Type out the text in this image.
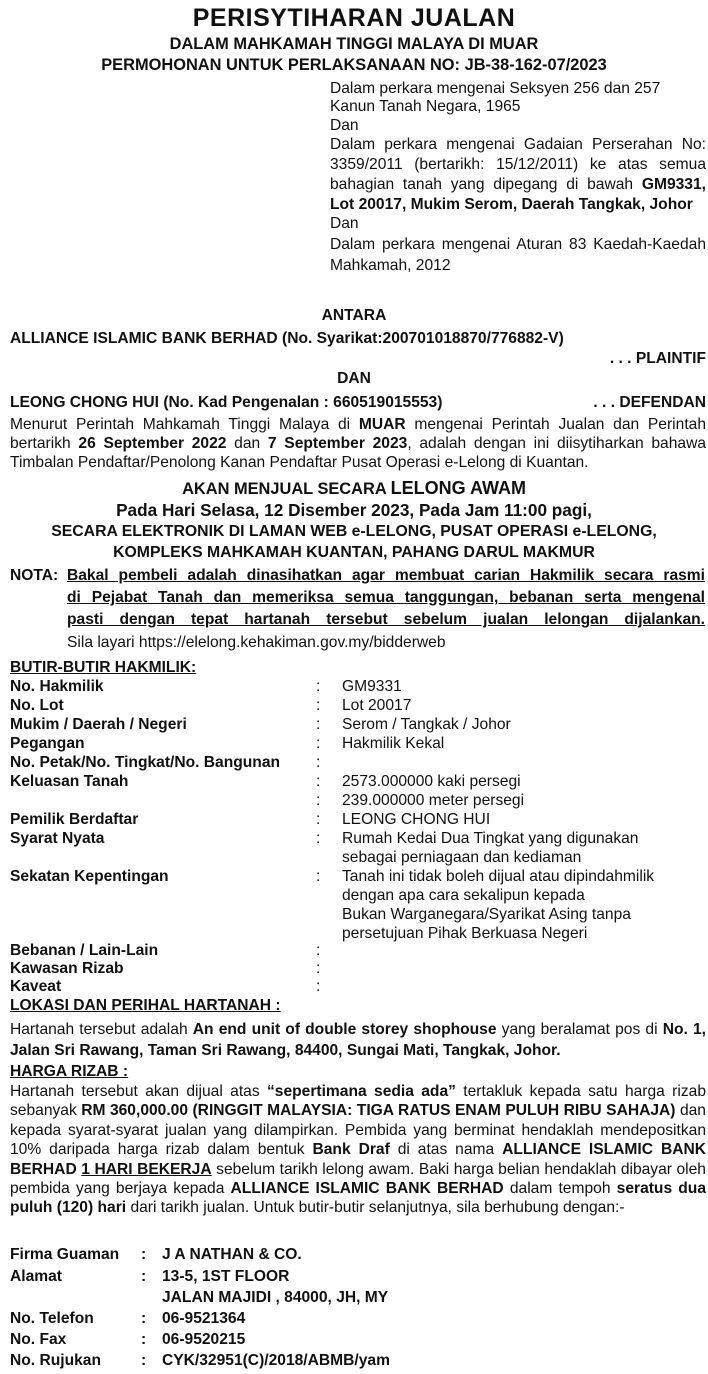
PERISYTIHARAN JUALAN
DALAM MAHKAMAH TINGGI MALAYA DI MUAR
PERMOHONAN UNTUK PERLAKSANAAN NO: JB-38-162-07/2023
Dalam perkara mengenai Seksyen 256 dan 257
Kanun Tanah Negara, 1965
Dan
Dalam perkara mengenai Gadaian Perserahan No: 3359/2011 (bertarikh: 15/12/2011) ke atas semua bahagian tanah yang dipegang di bawah GM9331, Lot 20017, Mukim Serom, Daerah Tangkak, Johor
Dan
Dalam perkara mengenai Aturan 83 Kaedah-Kaedah Mahkamah, 2012
ANTARA
ALLIANCE ISLAMIC BANK BERHAD (No. Syarikat:200701018870/776882-V)
. . . PLAINTIF
DAN
LEONG CHONG HUI (No. Kad Pengenalan : 660519015553)	. . . DEFENDAN
Menurut Perintah Mahkamah Tinggi Malaya di MUAR mengenai Perintah Jualan dan Perintah bertarikh 26 September 2022 dan 7 September 2023, adalah dengan ini diisytiharkan bahawa Timbalan Pendaftar/Penolong Kanan Pendaftar Pusat Operasi e-Lelong di Kuantan.
AKAN MENJUAL SECARA LELONG AWAM
Pada Hari Selasa, 12 Disember 2023, Pada Jam 11:00 pagi,
SECARA ELEKTRONIK DI LAMAN WEB e-LELONG, PUSAT OPERASI e-LELONG,
KOMPLEKS MAHKAMAH KUANTAN, PAHANG DARUL MAKMUR
NOTA: Bakal pembeli adalah dinasihatkan agar membuat carian Hakmilik secara rasmi
di Pejabat Tanah dan memeriksa semua tanggungan, bebanan serta mengenal
pasti dengan tepat hartanah tersebut sebelum jualan lelongan dijalankan.
Sila layari https://elelong.kehakiman.gov.my/bidderweb
BUTIR-BUTIR HAKMILIK:
No. Hakmilik	: GM9331
No. Lot	: Lot 20017
Mukim / Daerah / Negeri	: Serom / Tangkak / Johor
Pegangan	: Hakmilik Kekal
No. Petak/No. Tingkat/No. Bangunan :
Keluasan Tanah	: 2573.000000 kaki persegi
: 239.000000 meter persegi
Pemilik Berdaftar	: LEONG CHONG HUI
Syarat Nyata	: Rumah Kedai Dua Tingkat yang digunakan
sebagai perniagaan dan kediaman
Sekatan Kepentingan	: Tanah ini tidak boleh dijual atau dipindahmilik
dengan apa cara sekalipun kepada
Bukan Warganegara/Syarikat Asing tanpa
persetujuan Pihak Berkuasa Negeri
Bebanan / Lain-Lain	:
Kawasan Rizab	:
Kaveat	:
LOKASI DAN PERIHAL HARTANAH :
Hartanah tersebut adalah An end unit of double storey shophouse yang beralamat pos di No. 1, Jalan Sri Rawang, Taman Sri Rawang, 84400, Sungai Mati, Tangkak, Johor.
HARGA RIZAB :
Hartanah tersebut akan dijual atas “sepertimana sedia ada” tertakluk kepada satu harga rizab sebanyak RM 360,000.00 (RINGGIT MALAYSIA: TIGA RATUS ENAM PULUH RIBU SAHAJA) dan kepada syarat-syarat jualan yang dilampirkan. Pembida yang berminat hendaklah mendepositkan 10% daripada harga rizab dalam bentuk Bank Draf di atas nama ALLIANCE ISLAMIC BANK BERHAD 1 HARI BEKERJA sebelum tarikh lelong awam. Baki harga belian hendaklah dibayar oleh pembida yang berjaya kepada ALLIANCE ISLAMIC BANK BERHAD dalam tempoh seratus dua puluh (120) hari dari tarikh jualan. Untuk butir-butir selanjutnya, sila berhubung dengan:-
Firma Guaman : J A NATHAN & CO.
Alamat	: 13-5, 1ST FLOOR
JALAN MAJIDI , 84000, JH, MY
No. Telefon	: 06-9521364
No. Fax	: 06-9520215
No. Rujukan	: CYK/32951(C)/2018/ABMB/yam
